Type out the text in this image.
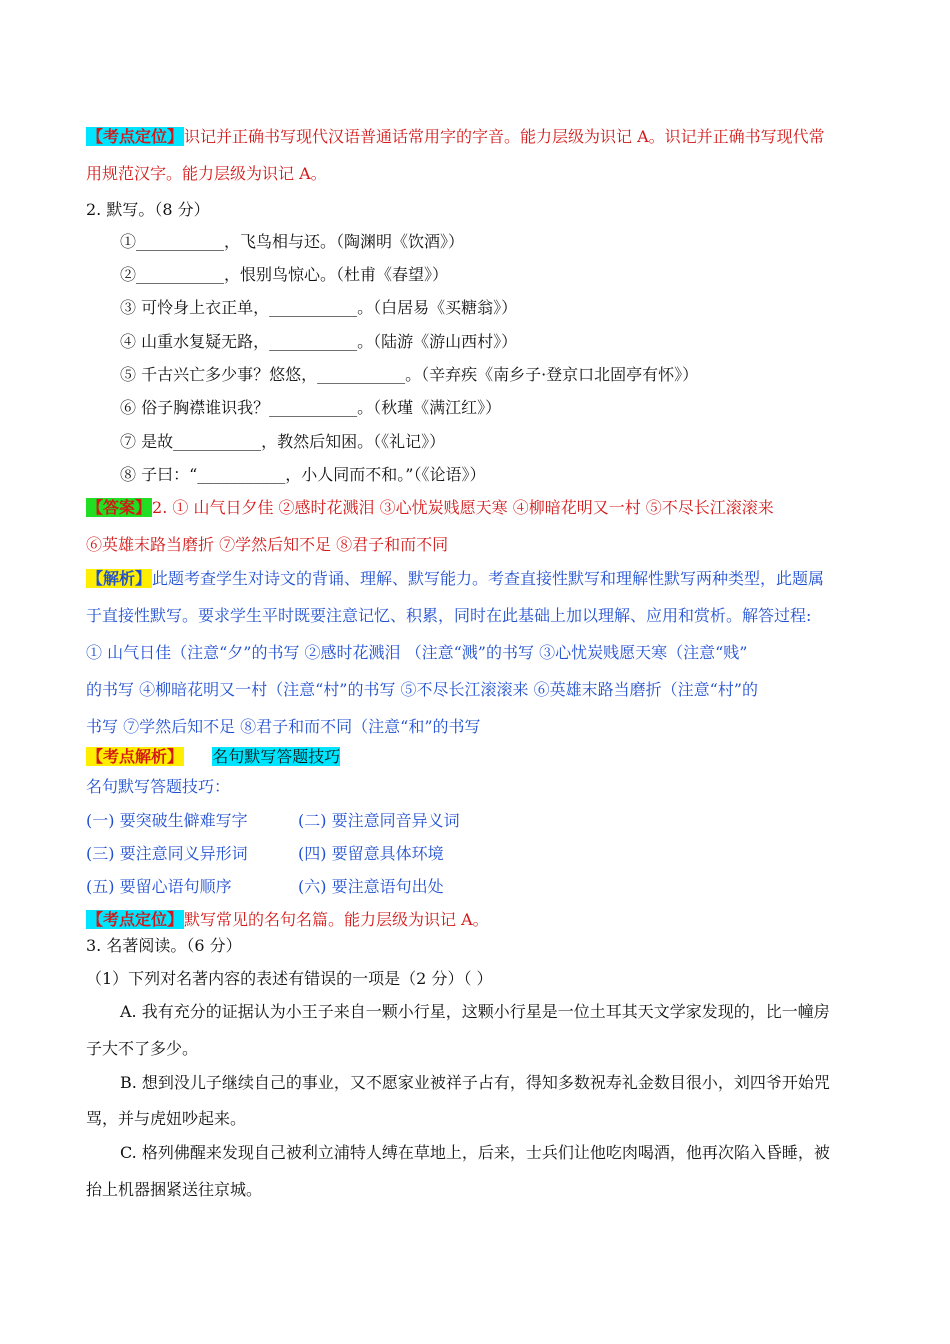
【考点定位】识记并正确书写现代汉语普通话常用字的字音。能力层级为识记 A。识记并正确书写现代常
用规范汉字。能力层级为识记 A。
2. 默写。（8 分）
①___________，飞鸟相与还。（陶渊明《饮酒》）
②___________，恨别鸟惊心。（杜甫《春望》）
③ 可怜身上衣正单，___________。（白居易《买糖翁》）
④ 山重水复疑无路，___________。（陆游《游山西村》）
⑤ 千古兴亡多少事？悠悠，___________。（辛弃疾《南乡子·登京口北固亭有怀》）
⑥ 俗子胸襟谁识我？___________。（秋瑾《满江红》）
⑦ 是故___________，教然后知困。（《礼记》）
⑧ 子曰：“___________，小人同而不和。”（《论语》）
【答案】2. ① 山气日夕佳 ②感时花溅泪 ③心忧炭贱愿天寒 ④柳暗花明又一村 ⑤不尽长江滚滚来
⑥英雄末路当磨折 ⑦学然后知不足 ⑧君子和而不同
【解析】此题考查学生对诗文的背诵、理解、默写能力。考查直接性默写和理解性默写两种类型，此题属
于直接性默写。要求学生平时既要注意记忆、积累，同时在此基础上加以理解、应用和赏析。解答过程:
① 山气日佳（注意“夕”的书写 ②感时花溅泪 （注意“溅”的书写 ③心忧炭贱愿天寒（注意“贱”
的书写 ④柳暗花明又一村（注意“村”的书写 ⑤不尽长江滚滚来 ⑥英雄末路当磨折（注意“村”的
书写 ⑦学然后知不足 ⑧君子和而不同（注意“和”的书写
【考点解析】 名句默写答题技巧
名句默写答题技巧：
(一) 要突破生僻难写字	(二) 要注意同音异义词
(三) 要注意同义异形词	(四) 要留意具体环境
(五) 要留心语句顺序	(六) 要注意语句出处
【考点定位】默写常见的名句名篇。能力层级为识记 A。
3. 名著阅读。（6 分）
（1）下列对名著内容的表述有错误的一项是（2 分）（ ）
A. 我有充分的证据认为小王子来自一颗小行星，这颗小行星是一位土耳其天文学家发现的，比一幢房
子大不了多少。
B. 想到没儿子继续自己的事业，又不愿家业被祥子占有，得知多数祝寿礼金数目很小，刘四爷开始咒
骂，并与虎妞吵起来。
C. 格列佛醒来发现自己被利立浦特人缚在草地上，后来，士兵们让他吃肉喝酒，他再次陷入昏睡，被
抬上机器捆紧送往京城。
